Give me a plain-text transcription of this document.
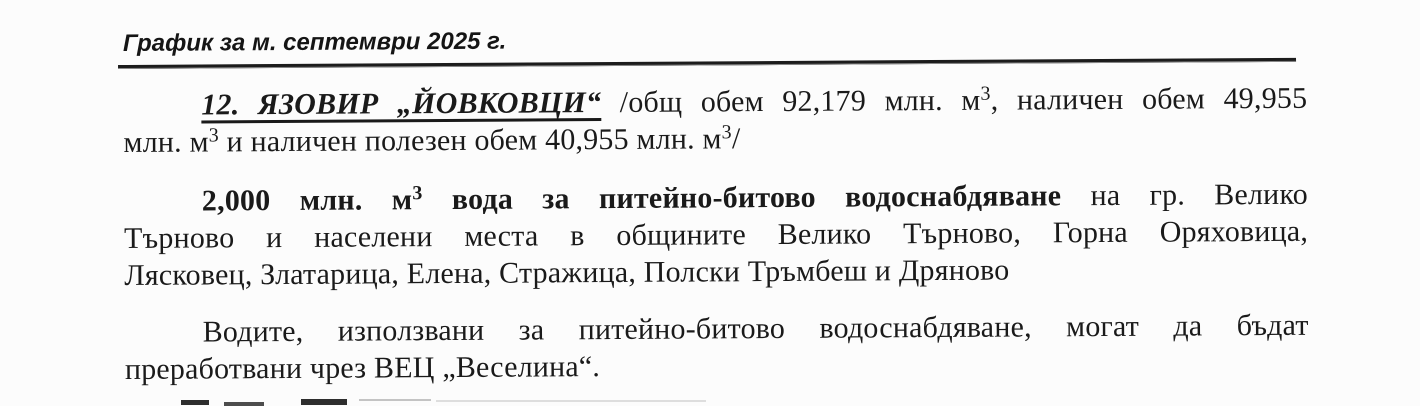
График за м. септември 2025 г.
12. ЯЗОВИР „ЙОВКОВЦИ“ /общ обем 92,179 млн. $м^3$, наличен обем 49,955
млн. $м^3$ и наличен полезен обем 40,955 млн. $м^3/$
2,000 млн. $м^3$ вода за питейно-битово водоснабдяване на гр. Велико
Търново и населени места в общините Велико Търново, Горна Оряховица,
Лясковец, Златарица, Елена, Стражица, Полски Тръмбеш и Дряново
Водите, използвани за питейно-битово водоснабдяване, могат да бъдат
преработвани чрез ВЕЦ „Веселина“.
